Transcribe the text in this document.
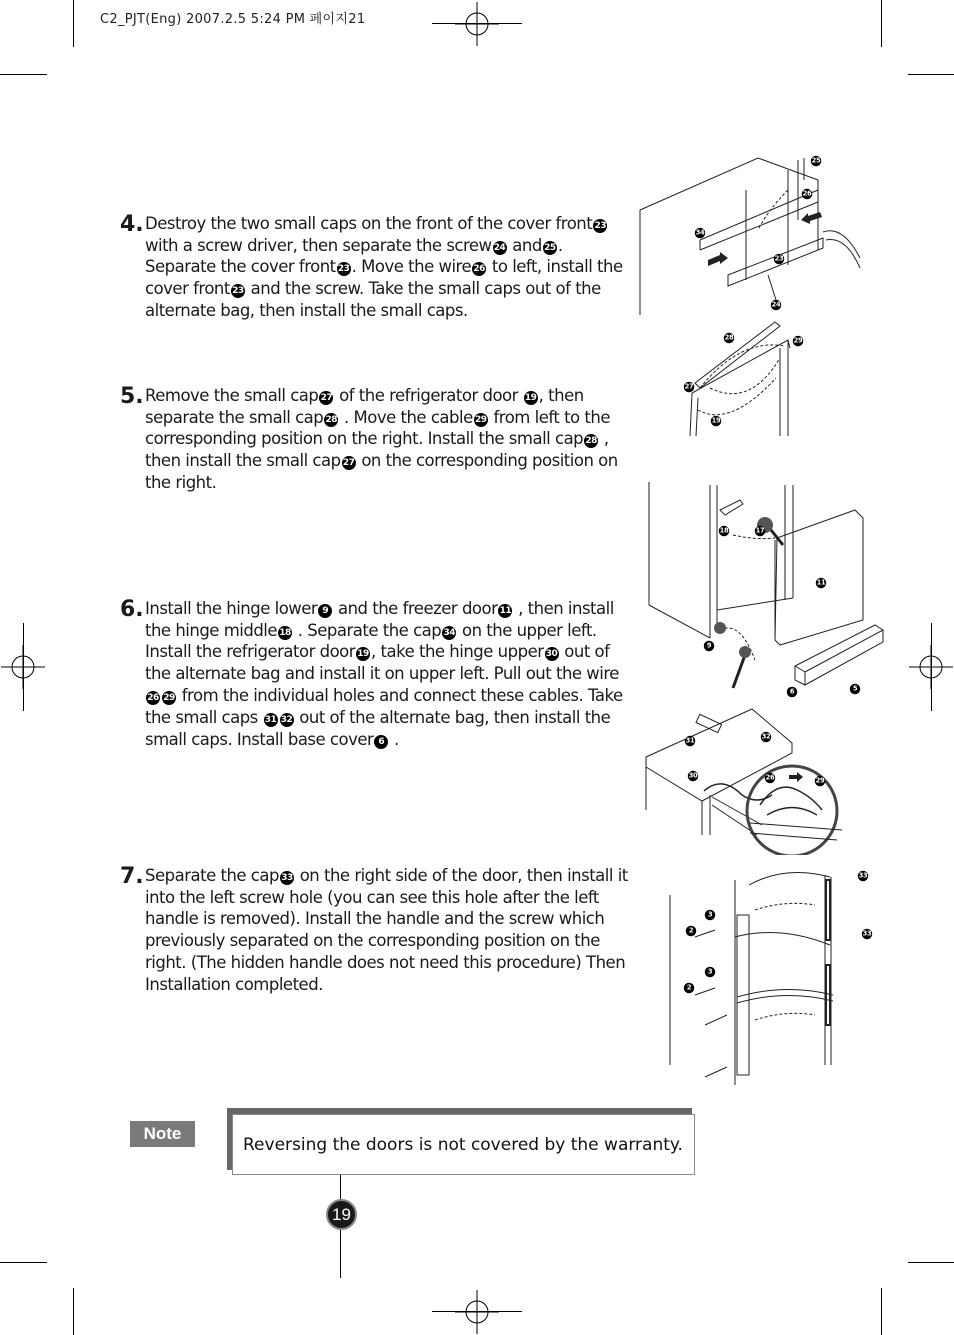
C2_PJT(Eng) 2007.2.5 5:24 PM 페이지21
4. Destroy the two small caps on the front of the cover front 23 with a screw driver, then separate the screw 24 and 25 . Separate the cover front 23 . Move the wire 26 to left, install the cover front 23 and the screw. Take the small caps out of the alternate bag, then install the small caps.
5. Remove the small cap 27 of the refrigerator door 19 , then separate the small cap 28 . Move the cable 29 from left to the corresponding position on the right. Install the small cap 28 , then install the small cap 27 on the corresponding position on the right.
6. Install the hinge lower 9 and the freezer door 11 , then install the hinge middle 18 . Separate the cap 34 on the upper left. Install the refrigerator door 19 , take the hinge upper 30 out of the alternate bag and install it on upper left. Pull out the wire 26 29 from the individual holes and connect these cables. Take the small caps 31 32 out of the alternate bag, then install the small caps. Install base cover 6 .
7. Separate the cap 33 on the right side of the door, then install it into the left screw hole (you can see this hole after the left handle is removed). Install the handle and the screw which previously separated on the corresponding position on the right. (The hidden handle does not need this procedure) Then Installation completed.
25
26
34
23
24
28	29
27
19
18	17
11
9
6	5
31
32
30	26	29
33
33
3
2
3
2
Note
Reversing the doors is not covered by the warranty.
19
